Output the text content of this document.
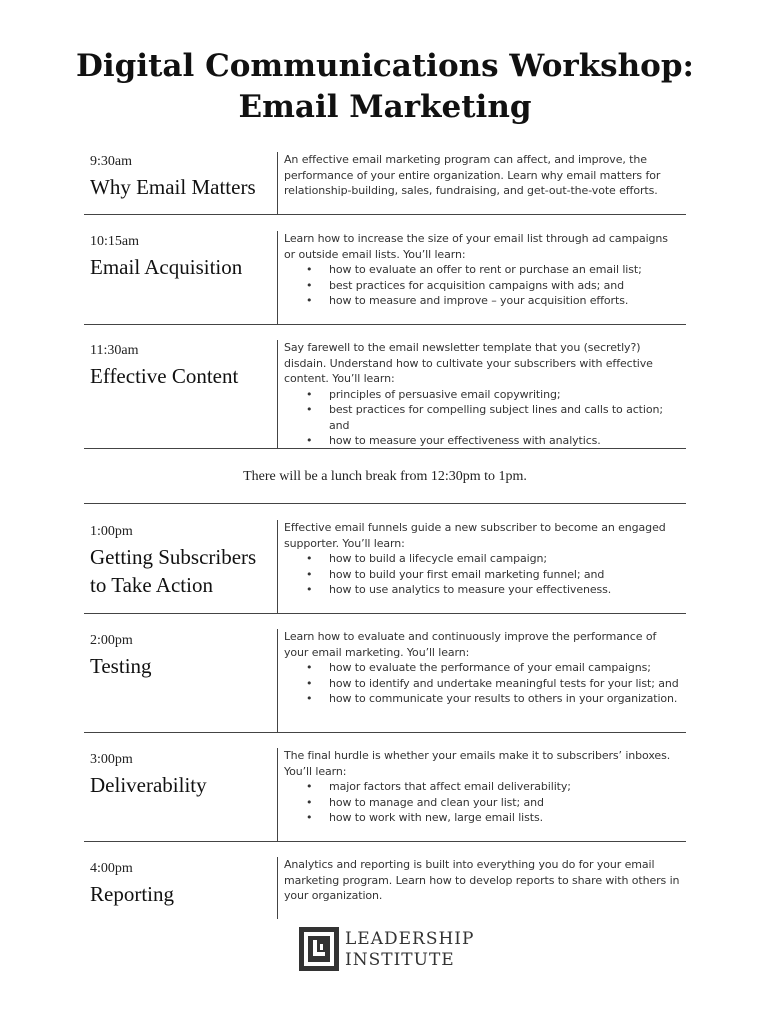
Digital Communications Workshop:
Email Marketing
9:30am
Why Email Matters

An effective email marketing program can affect, and improve, the performance of your entire organization. Learn why email matters for relationship-building, sales, fundraising, and get-out-the-vote efforts.

10:15am
Email Acquisition

Learn how to increase the size of your email list through ad campaigns or outside email lists. You’ll learn:

• how to evaluate an offer to rent or purchase an email list;
• best practices for acquisition campaigns with ads; and
• how to measure and improve – your acquisition efforts.
11:30am
Effective Content

Say farewell to the email newsletter template that you (secretly?) disdain. Understand how to cultivate your subscribers with effective content. You’ll learn:

• principles of persuasive email copywriting;
• best practices for compelling subject lines and calls to action; and
• how to measure your effectiveness with analytics.
There will be a lunch break from 12:30pm to 1pm.
1:00pm
Getting Subscribers
to Take Action

Effective email funnels guide a new subscriber to become an engaged supporter. You’ll learn:

• how to build a lifecycle email campaign;
• how to build your first email marketing funnel; and
• how to use analytics to measure your effectiveness.
2:00pm
Testing

Learn how to evaluate and continuously improve the performance of your email marketing. You’ll learn:

• how to evaluate the performance of your email campaigns;
• how to identify and undertake meaningful tests for your list; and
• how to communicate your results to others in your organization.
3:00pm
Deliverability

The final hurdle is whether your emails make it to subscribers’ inboxes. You’ll learn:

• major factors that affect email deliverability;
• how to manage and clean your list; and
• how to work with new, large email lists.
4:00pm
Reporting

Analytics and reporting is built into everything you do for your email marketing program. Learn how to develop reports to share with others in your organization.

LEADERSHIP
INSTITUTE
